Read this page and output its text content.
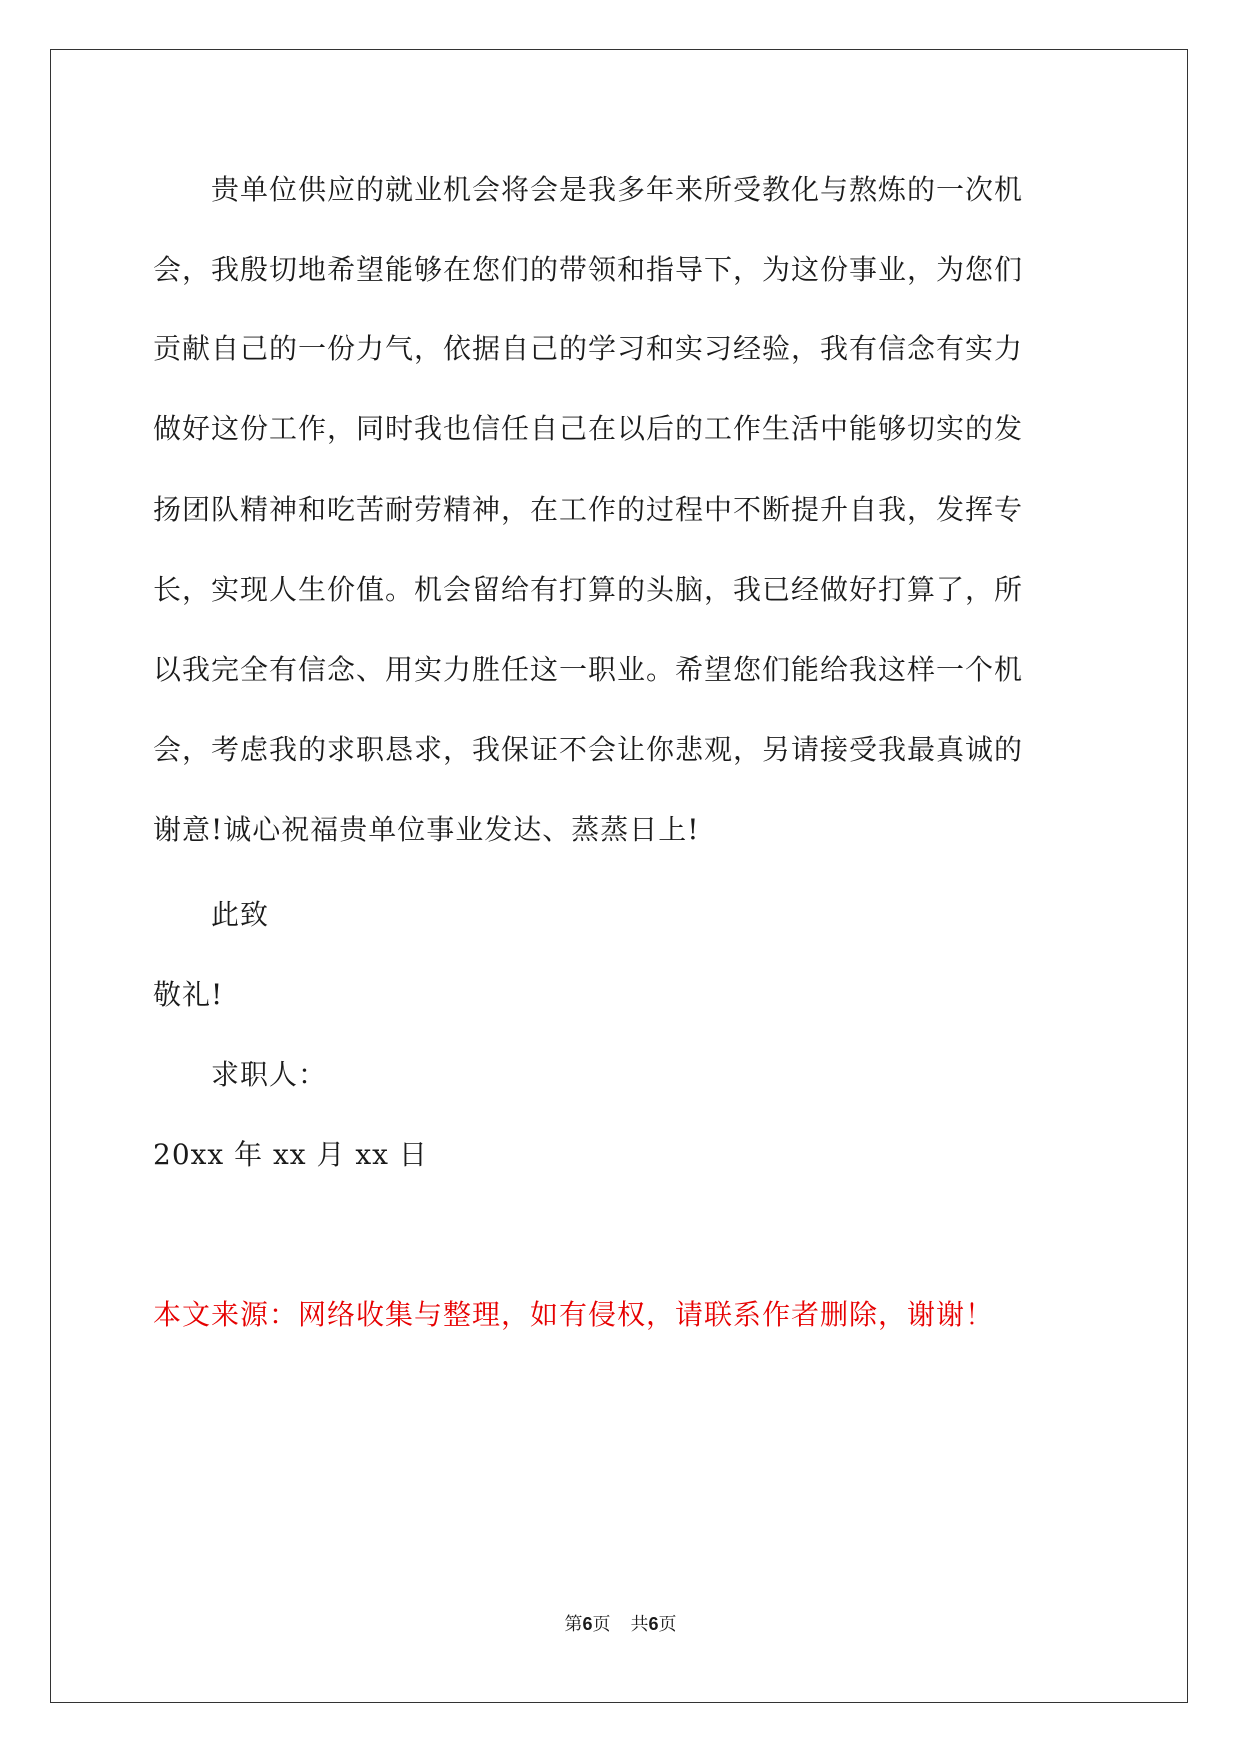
　　贵单位供应的就业机会将会是我多年来所受教化与熬炼的一次机
会，我殷切地希望能够在您们的带领和指导下，为这份事业，为您们
贡献自己的一份力气，依据自己的学习和实习经验，我有信念有实力
做好这份工作，同时我也信任自己在以后的工作生活中能够切实的发
扬团队精神和吃苦耐劳精神，在工作的过程中不断提升自我，发挥专
长，实现人生价值。机会留给有打算的头脑，我已经做好打算了，所
以我完全有信念、用实力胜任这一职业。希望您们能给我这样一个机
会，考虑我的求职恳求，我保证不会让你悲观，另请接受我最真诚的
谢意!诚心祝福贵单位事业发达、蒸蒸日上!
　　此致
敬礼!
　　求职人：
20xx 年 xx 月 xx 日
本文来源：网络收集与整理，如有侵权，请联系作者删除，谢谢！
第6页 共6页
